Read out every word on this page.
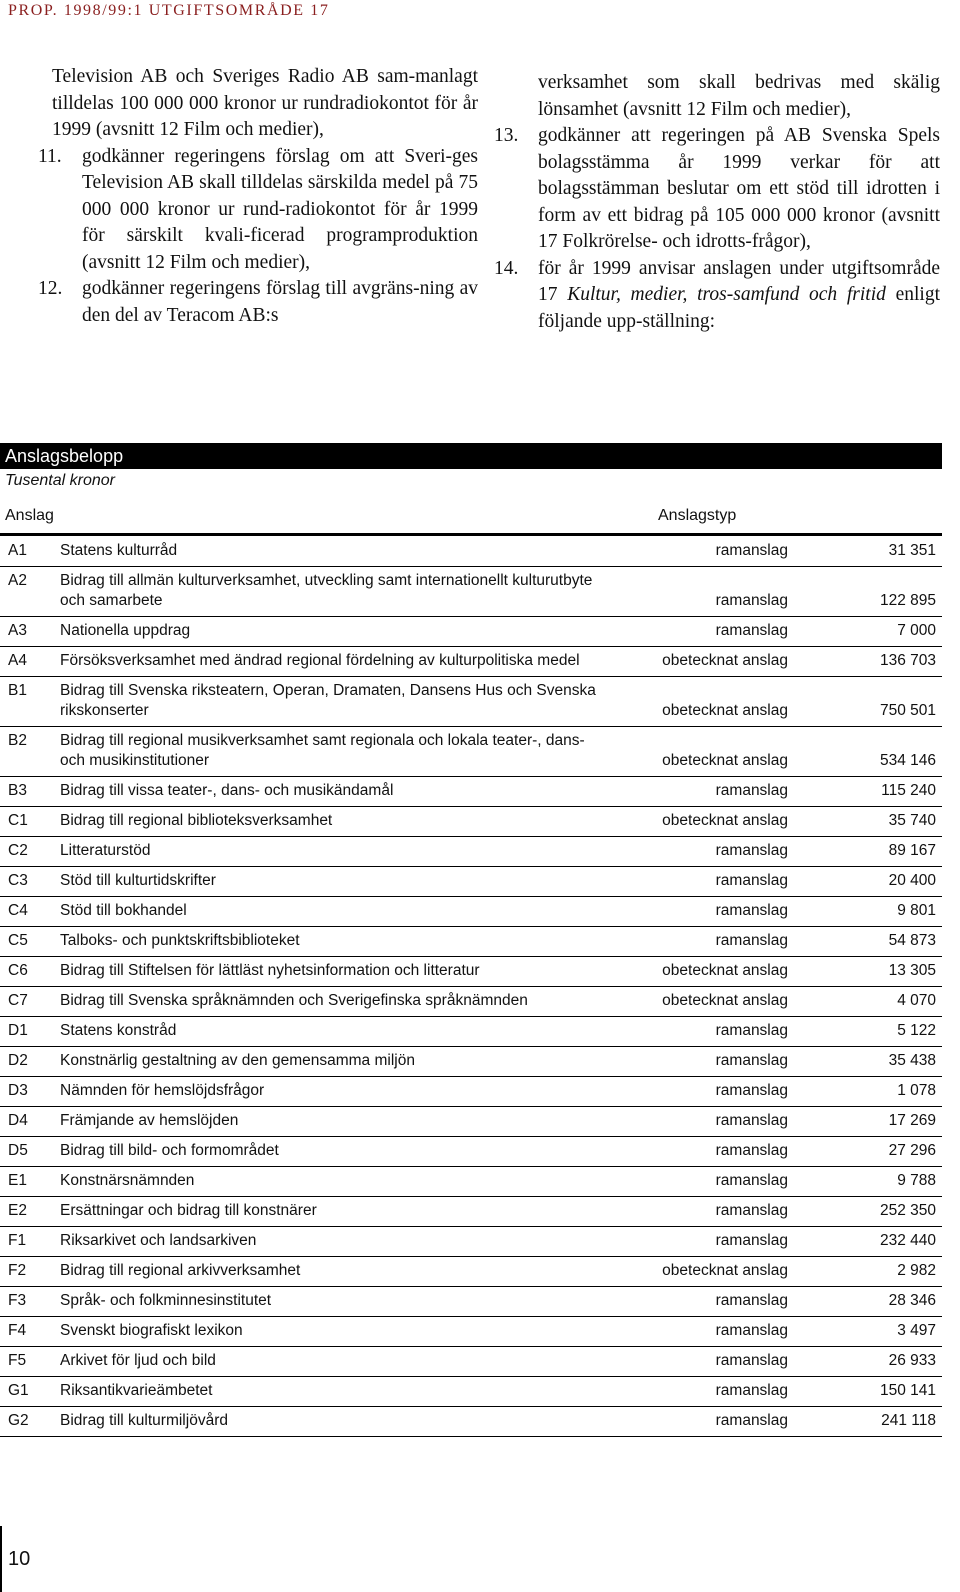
PROP. 1998/99:1 UTGIFTSOMRÅDE 17
Television AB och Sveriges Radio AB sam-manlagt tilldelas 100 000 000 kronor ur rundradiokontot för år 1999 (avsnitt 12 Film och medier),
11. godkänner regeringens förslag om att Sveri-ges Television AB skall tilldelas särskilda medel på 75 000 000 kronor ur rund-radiokontot för år 1999 för särskilt kvali-ficerad programproduktion (avsnitt 12 Film och medier),
12. godkänner regeringens förslag till avgräns-ning av den del av Teracom AB:s
verksamhet som skall bedrivas med skälig lönsamhet (avsnitt 12 Film och medier),
13. godkänner att regeringen på AB Svenska Spels bolagsstämma år 1999 verkar för att bolagsstämman beslutar om ett stöd till idrotten i form av ett bidrag på 105 000 000 kronor (avsnitt 17 Folkrörelse- och idrotts-frågor),
14. för år 1999 anvisar anslagen under utgiftsområde 17 Kultur, medier, tros-samfund och fritid enligt följande upp-ställning:
Anslagsbelopp
Tusental kronor
Anslag	Anslagstyp
A1	Statens kulturråd	ramanslag	31 351
A2	Bidrag till allmän kulturverksamhet, utveckling samt internationellt kulturutbyte och samarbete	ramanslag	122 895
A3	Nationella uppdrag	ramanslag	7 000
A4	Försöksverksamhet med ändrad regional fördelning av kulturpolitiska medel	obetecknat anslag	136 703
B1	Bidrag till Svenska riksteatern, Operan, Dramaten, Dansens Hus och Svenska rikskonserter	obetecknat anslag	750 501
B2	Bidrag till regional musikverksamhet samt regionala och lokala teater-, dans- och musikinstitutioner	obetecknat anslag	534 146
B3	Bidrag till vissa teater-, dans- och musikändamål	ramanslag	115 240
C1	Bidrag till regional biblioteksverksamhet	obetecknat anslag	35 740
C2	Litteraturstöd	ramanslag	89 167
C3	Stöd till kulturtidskrifter	ramanslag	20 400
C4	Stöd till bokhandel	ramanslag	9 801
C5	Talboks- och punktskriftsbiblioteket	ramanslag	54 873
C6	Bidrag till Stiftelsen för lättläst nyhetsinformation och litteratur	obetecknat anslag	13 305
C7	Bidrag till Svenska språknämnden och Sverigefinska språknämnden	obetecknat anslag	4 070
D1	Statens konstråd	ramanslag	5 122
D2	Konstnärlig gestaltning av den gemensamma miljön	ramanslag	35 438
D3	Nämnden för hemslöjdsfrågor	ramanslag	1 078
D4	Främjande av hemslöjden	ramanslag	17 269
D5	Bidrag till bild- och formområdet	ramanslag	27 296
E1	Konstnärsnämnden	ramanslag	9 788
E2	Ersättningar och bidrag till konstnärer	ramanslag	252 350
F1	Riksarkivet och landsarkiven	ramanslag	232 440
F2	Bidrag till regional arkivverksamhet	obetecknat anslag	2 982
F3	Språk- och folkminnesinstitutet	ramanslag	28 346
F4	Svenskt biografiskt lexikon	ramanslag	3 497
F5	Arkivet för ljud och bild	ramanslag	26 933
G1	Riksantikvarieämbetet	ramanslag	150 141
G2	Bidrag till kulturmiljövård	ramanslag	241 118
10
